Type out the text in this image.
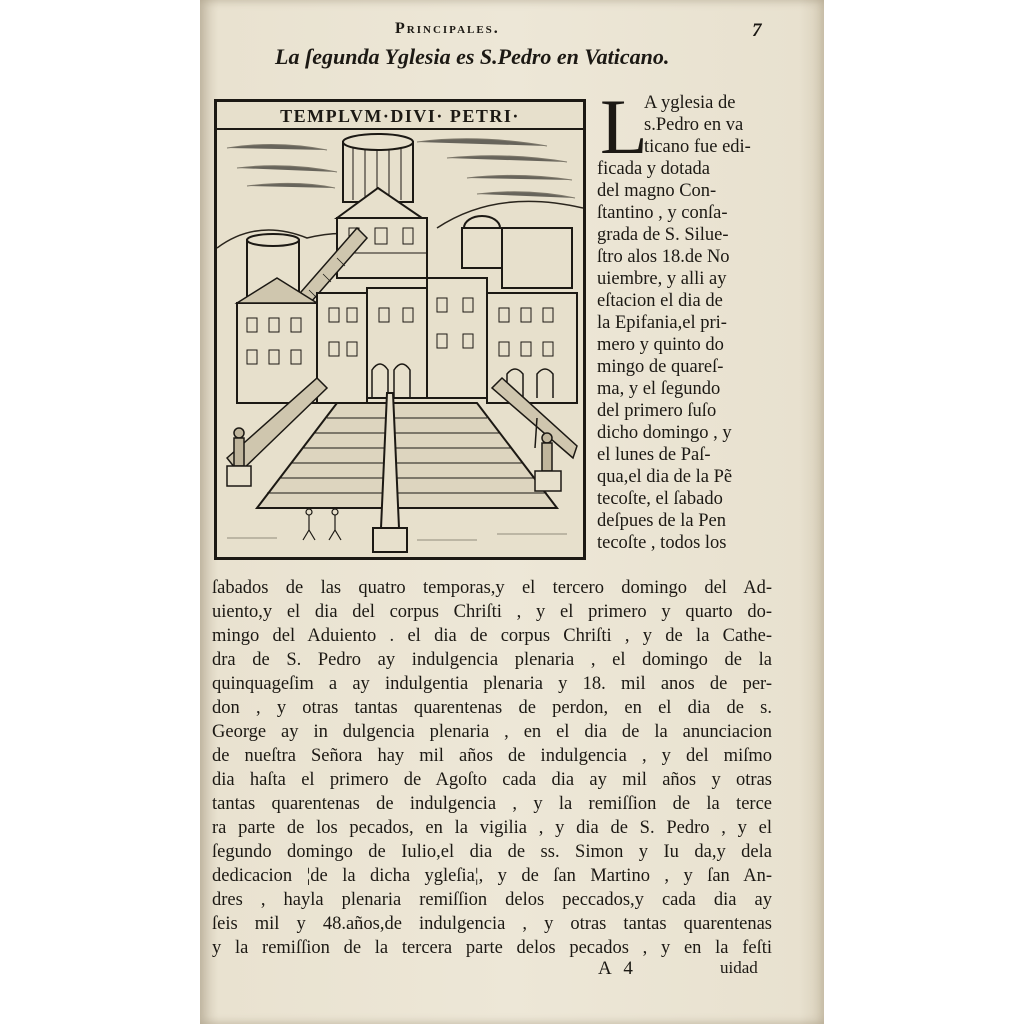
Principales.	7
La ſegunda Yglesia es S.Pedro en Vaticano.
TEMPLVM·DIVI· PETRI·	L
A yglesia de
s.Pedro en va
ticano fue edi-
ficada y dotada
del magno Con-
ſtantino , y conſa-
grada de S. Silue-
ſtro alos 18.de No
uiembre, y alli ay
eſtacion el dia de
la Epifania,el pri-
mero y quinto do
mingo de quareſ-
ma, y el ſegundo
del primero ſuſo
dicho domingo , y
el lunes de Paſ-
qua,el dia de la Pẽ
tecoſte, el ſabado
deſpues de la Pen
tecoſte , todos los
ſabados de las quatro temporas,y el tercero domingo del Ad-
uiento,y el dia del corpus Chriſti , y el primero y quarto do-
mingo del Aduiento . el dia de corpus Chriſti , y de la Cathe-
dra de S. Pedro ay indulgencia plenaria , el domingo de la
quinquageſim a ay indulgentia plenaria y 18. mil anos de per-
don , y otras tantas quarentenas de perdon, en el dia de s.
George ay in dulgencia plenaria , en el dia de la anunciacion
de nueſtra Señora hay mil años de indulgencia , y del miſmo
dia haſta el primero de Agoſto cada dia ay mil años y otras
tantas quarentenas de indulgencia , y la remiſſion de la terce
ra parte de los pecados, en la vigilia , y dia de S. Pedro , y el
ſegundo domingo de Iulio,el dia de ss. Simon y Iu da,y dela
dedicacion ¦de la dicha ygleſia¦, y de ſan Martino , y ſan An-
dres , hayla plenaria remiſſion delos peccados,y cada dia ay
ſeis mil y 48.años,de indulgencia , y otras tantas quarentenas
y la remiſſion de la tercera parte delos pecados , y en la feſti
A 4	uidad
